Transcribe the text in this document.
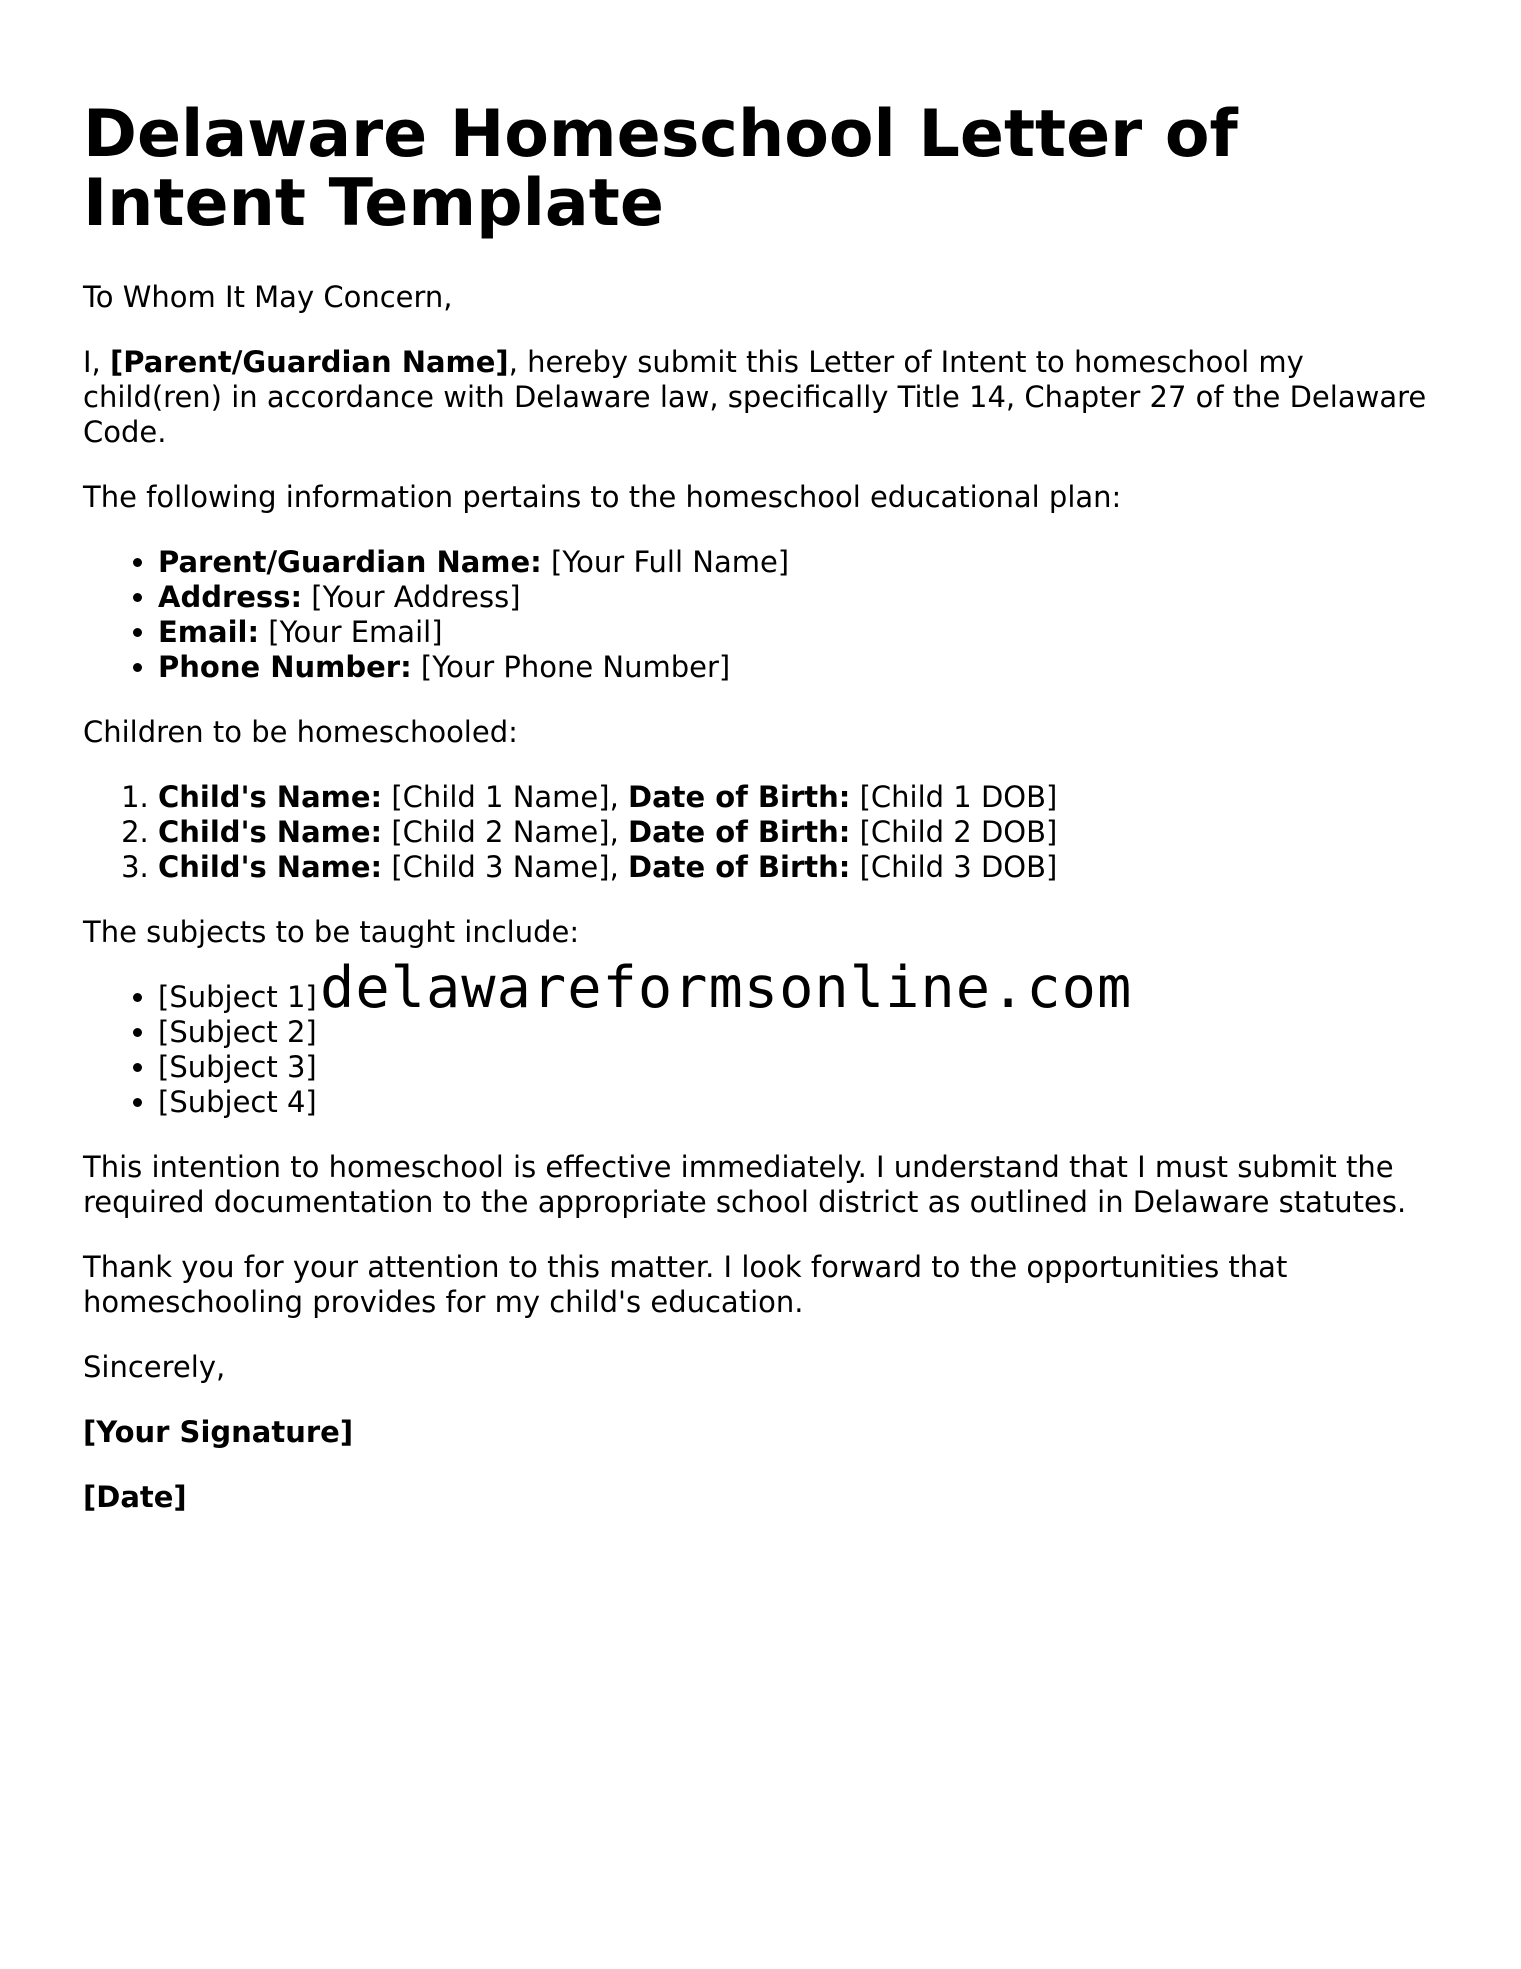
Delaware Homeschool Letter of Intent Template

To Whom It May Concern,

I, [Parent/Guardian Name], hereby submit this Letter of Intent to homeschool my child(ren) in accordance with Delaware law, specifically Title 14, Chapter 27 of the Delaware Code.

The following information pertains to the homeschool educational plan:

• Parent/Guardian Name: [Your Full Name]
• Address: [Your Address]
• Email: [Your Email]
• Phone Number: [Your Phone Number]

Children to be homeschooled:

1. Child's Name: [Child 1 Name], Date of Birth: [Child 1 DOB]
2. Child's Name: [Child 2 Name], Date of Birth: [Child 2 DOB]
3. Child's Name: [Child 3 Name], Date of Birth: [Child 3 DOB]

The subjects to be taught include:

• [Subject 1]
• [Subject 2]
• [Subject 3]
• [Subject 4]

This intention to homeschool is effective immediately. I understand that I must submit the required documentation to the appropriate school district as outlined in Delaware statutes.

Thank you for your attention to this matter. I look forward to the opportunities that homeschooling provides for my child's education.

Sincerely,

[Your Signature]

[Date]

delawareformsonline.com
